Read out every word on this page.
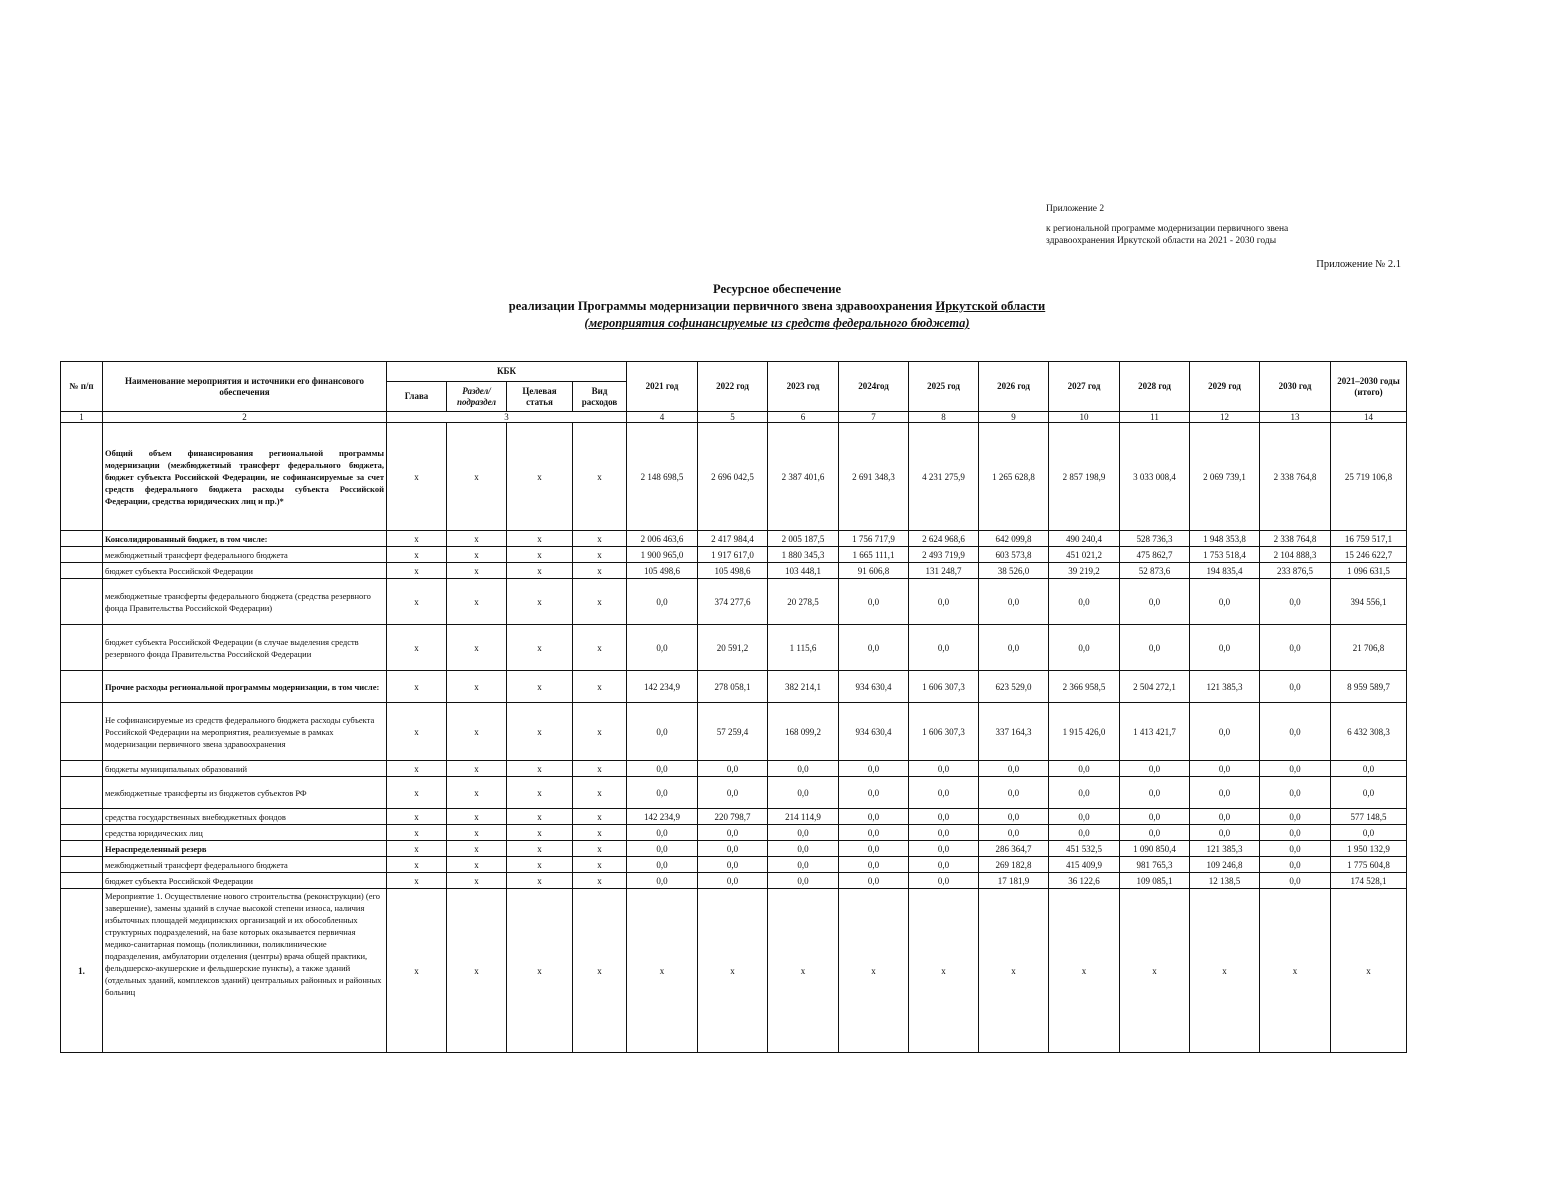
Приложение 2
к региональной программе модернизации первичного звена
здравоохранения Иркутской области на 2021 - 2030 годы
Приложение № 2.1
Ресурсное обеспечение
реализации Программы модернизации первичного звена здравоохранения Иркутской области
(мероприятия софинансируемые из средств федерального бюджета)
№ п/п	Наименование мероприятия и источники его финансового обеспечения	КБК				2021 год	2022 год	2023 год	2024год	2025 год	2026 год	2027 год	2028 год	2029 год	2030 год	2021–2030 годы (итого)
		Глава	Раздел/ подраздел	Целевая статья	Вид расходов											
1	2	3				4	5	6	7	8	9	10	11	12	13	14
	Общий объем финансирования региональной программы модернизации (межбюджетный трансферт федерального бюджета, бюджет субъекта Российской Федерации, не софинансируемые за счет средств федерального бюджета расходы субъекта Российской Федерации, средства юридических лиц и пр.)*	x	x	x	x	2 148 698,5	2 696 042,5	2 387 401,6	2 691 348,3	4 231 275,9	1 265 628,8	2 857 198,9	3 033 008,4	2 069 739,1	2 338 764,8	25 719 106,8
	Консолидированный бюджет, в том числе:	x	x	x	x	2 006 463,6	2 417 984,4	2 005 187,5	1 756 717,9	2 624 968,6	642 099,8	490 240,4	528 736,3	1 948 353,8	2 338 764,8	16 759 517,1
	межбюджетный трансферт федерального бюджета	x	x	x	x	1 900 965,0	1 917 617,0	1 880 345,3	1 665 111,1	2 493 719,9	603 573,8	451 021,2	475 862,7	1 753 518,4	2 104 888,3	15 246 622,7
	бюджет субъекта Российской Федерации	x	x	x	x	105 498,6	105 498,6	103 448,1	91 606,8	131 248,7	38 526,0	39 219,2	52 873,6	194 835,4	233 876,5	1 096 631,5
	межбюджетные трансферты федерального бюджета (средства резервного фонда Правительства Российской Федерации)	x	x	x	x	0,0	374 277,6	20 278,5	0,0	0,0	0,0	0,0	0,0	0,0	0,0	394 556,1
	бюджет субъекта Российской Федерации (в случае выделения средств резервного фонда Правительства Российской Федерации	x	x	x	x	0,0	20 591,2	1 115,6	0,0	0,0	0,0	0,0	0,0	0,0	0,0	21 706,8
	Прочие расходы региональной программы модернизации, в том числе:	x	x	x	x	142 234,9	278 058,1	382 214,1	934 630,4	1 606 307,3	623 529,0	2 366 958,5	2 504 272,1	121 385,3	0,0	8 959 589,7
	Не софинансируемые из средств федерального бюджета расходы субъекта Российской Федерации на мероприятия, реализуемые в рамках модернизации первичного звена здравоохранения	x	x	x	x	0,0	57 259,4	168 099,2	934 630,4	1 606 307,3	337 164,3	1 915 426,0	1 413 421,7	0,0	0,0	6 432 308,3
	бюджеты муниципальных образований	x	x	x	x	0,0	0,0	0,0	0,0	0,0	0,0	0,0	0,0	0,0	0,0	0,0
	межбюджетные трансферты из бюджетов субъектов РФ	x	x	x	x	0,0	0,0	0,0	0,0	0,0	0,0	0,0	0,0	0,0	0,0	0,0
	средства государственных внебюджетных фондов	x	x	x	x	142 234,9	220 798,7	214 114,9	0,0	0,0	0,0	0,0	0,0	0,0	0,0	577 148,5
	средства юридических лиц	x	x	x	x	0,0	0,0	0,0	0,0	0,0	0,0	0,0	0,0	0,0	0,0	0,0
	Нераспределенный резерв	x	x	x	x	0,0	0,0	0,0	0,0	0,0	286 364,7	451 532,5	1 090 850,4	121 385,3	0,0	1 950 132,9
	межбюджетный трансферт федерального бюджета	x	x	x	x	0,0	0,0	0,0	0,0	0,0	269 182,8	415 409,9	981 765,3	109 246,8	0,0	1 775 604,8
	бюджет субъекта Российской Федерации	x	x	x	x	0,0	0,0	0,0	0,0	0,0	17 181,9	36 122,6	109 085,1	12 138,5	0,0	174 528,1
1.	Мероприятие 1. Осуществление нового строительства (реконструкции) (его завершение), замены зданий в случае высокой степени износа, наличия избыточных площадей медицинских организаций и их обособленных структурных подразделений, на базе которых оказывается первичная медико-санитарная помощь (поликлиники, поликлинические подразделения, амбулатории отделения (центры) врача общей практики, фельдшерско-акушерские и фельдшерские пункты), а также зданий (отдельных зданий, комплексов зданий) центральных районных и районных больниц	x	x	x	x	x	x	x	x	x	x	x	x	x	x	x
